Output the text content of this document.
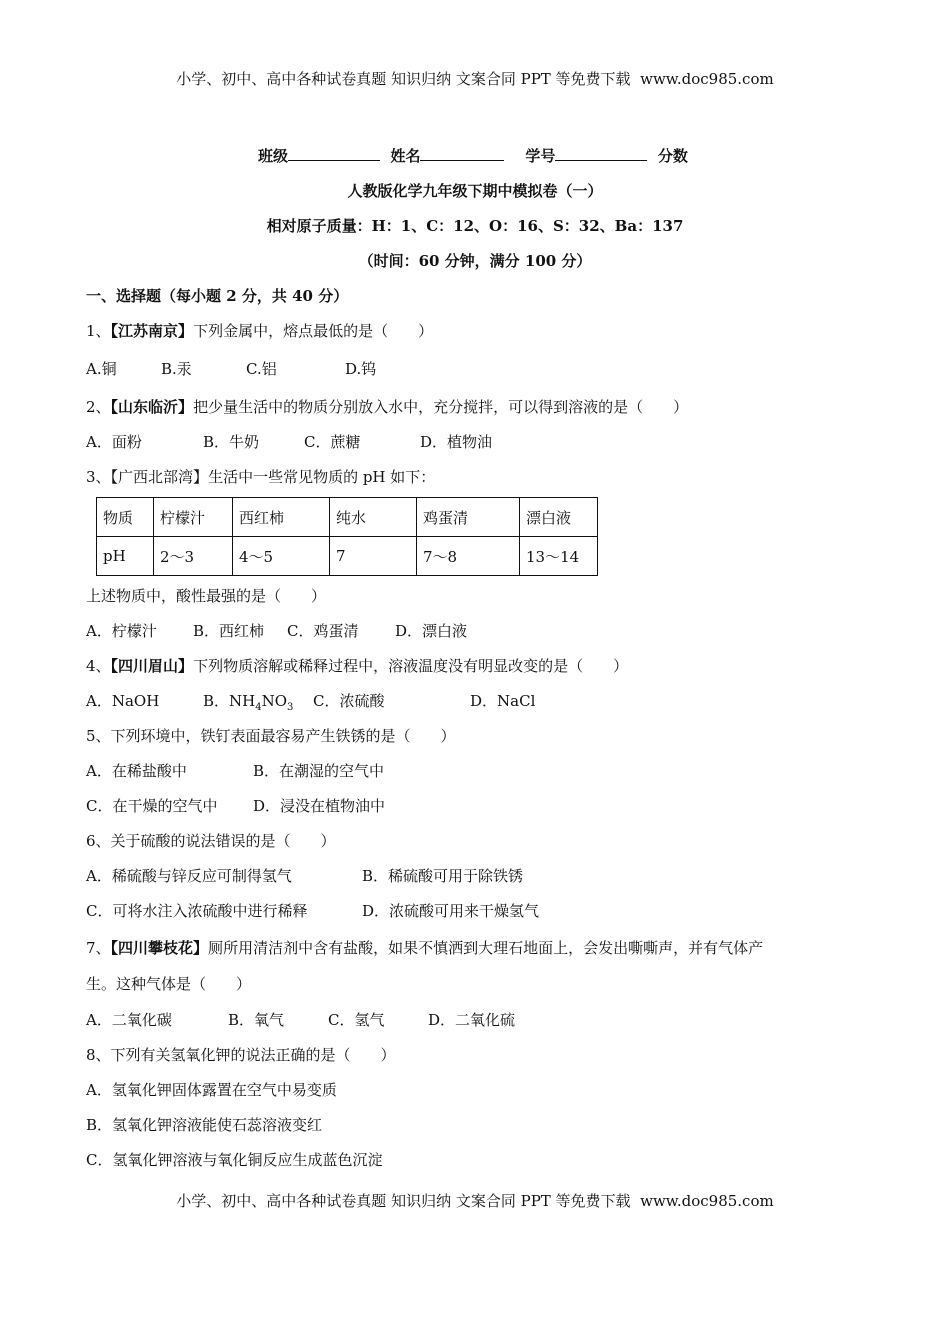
小学、初中、高中各种试卷真题 知识归纳 文案合同 PPT 等免费下载 www.doc985.com
班级	姓名	学号	分数
人教版化学九年级下期中模拟卷（一）
相对原子质量：H：1、C：12、O：16、S：32、Ba：137
（时间：60 分钟，满分 100 分）
一、选择题（每小题 2 分，共 40 分）
1、【江苏南京】下列金属中，熔点最低的是（　　）
A.铜	B.汞	C.铝	D.钨
2、【山东临沂】把少量生活中的物质分别放入水中，充分搅拌，可以得到溶液的是（　　）
A．面粉	B．牛奶	C．蔗糖	D．植物油
3、【广西北部湾】生活中一些常见物质的 pH 如下：
物质	柠檬汁	西红柿	纯水	鸡蛋清	漂白液
pH	2～3	4～5	7	7～8	13～14
上述物质中，酸性最强的是（　　）
A．柠檬汁 B．西红柿 C．鸡蛋清 D．漂白液
4、【四川眉山】下列物质溶解或稀释过程中，溶液温度没有明显改变的是（　　）
A．NaOH	B．$NH_4NO_3$ C．浓硫酸	D．NaCl
5、下列环境中，铁钉表面最容易产生铁锈的是（　　）
A．在稀盐酸中	B．在潮湿的空气中
C．在干燥的空气中 D．浸没在植物油中
6、关于硫酸的说法错误的是（　　）
A．稀硫酸与锌反应可制得氢气	B．稀硫酸可用于除铁锈
C．可将水注入浓硫酸中进行稀释	D．浓硫酸可用来干燥氢气
7、【四川攀枝花】厕所用清洁剂中含有盐酸，如果不慎洒到大理石地面上，会发出嘶嘶声，并有气体产
生。这种气体是（　　）
A．二氧化碳	B．氧气	C．氢气	D．二氧化硫
8、下列有关氢氧化钾的说法正确的是（　　）
A．氢氧化钾固体露置在空气中易变质
B．氢氧化钾溶液能使石蕊溶液变红
C．氢氧化钾溶液与氧化铜反应生成蓝色沉淀
小学、初中、高中各种试卷真题 知识归纳 文案合同 PPT 等免费下载 www.doc985.com
